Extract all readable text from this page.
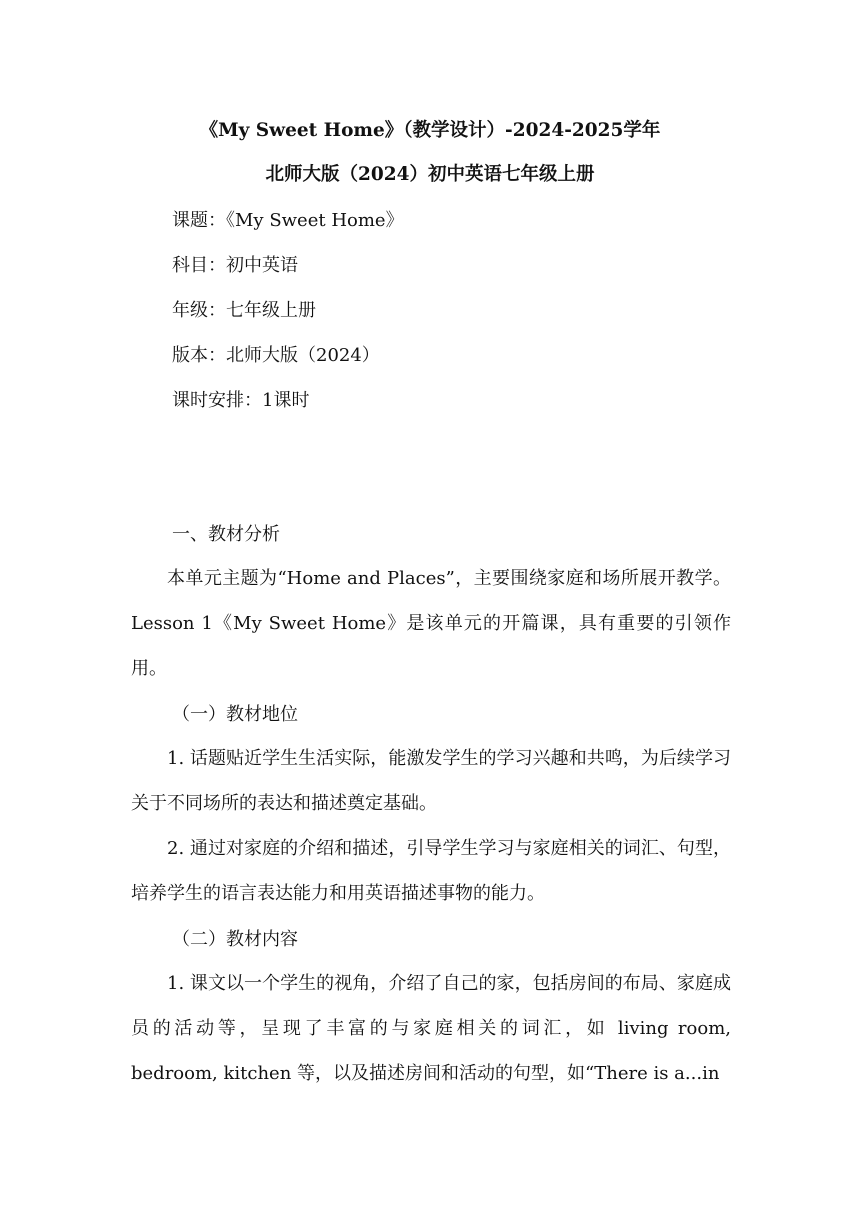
《My Sweet Home》（教学设计）-2024-2025学年
北师大版（2024）初中英语七年级上册
课题：《My Sweet Home》
科目：初中英语
年级：七年级上册
版本：北师大版（2024）
课时安排：1课时
一、教材分析
本单元主题为“Home and Places”，主要围绕家庭和场所展开教学。Lesson 1《My Sweet Home》是该单元的开篇课，具有重要的引领作用。
（一）教材地位
1. 话题贴近学生生活实际，能激发学生的学习兴趣和共鸣，为后续学习关于不同场所的表达和描述奠定基础。
2. 通过对家庭的介绍和描述，引导学生学习与家庭相关的词汇、句型，培养学生的语言表达能力和用英语描述事物的能力。
（二）教材内容
1. 课文以一个学生的视角，介绍了自己的家，包括房间的布局、家庭成员的活动等，呈现了丰富的与家庭相关的词汇，如 living room, bedroom, kitchen 等，以及描述房间和活动的句型，如“There is a...in
